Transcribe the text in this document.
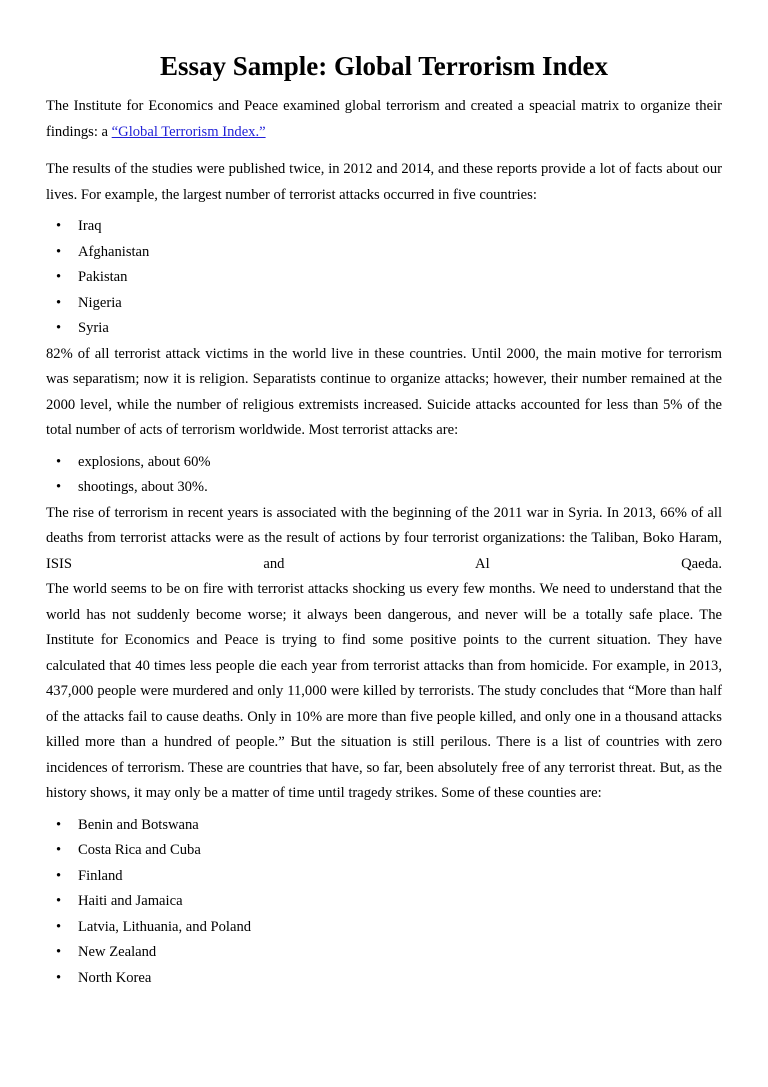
Essay Sample: Global Terrorism Index

The Institute for Economics and Peace examined global terrorism and created a speacial matrix to organize their findings: a “Global Terrorism Index.”

The results of the studies were published twice, in 2012 and 2014, and these reports provide a lot of facts about our lives. For example, the largest number of terrorist attacks occurred in five countries:

• Iraq
• Afghanistan
• Pakistan
• Nigeria
• Syria

82% of all terrorist attack victims in the world live in these countries. Until 2000, the main motive for terrorism was separatism; now it is religion. Separatists continue to organize attacks; however, their number remained at the 2000 level, while the number of religious extremists increased. Suicide attacks accounted for less than 5% of the total number of acts of terrorism worldwide. Most terrorist attacks are:

• explosions, about 60%
• shootings, about 30%.

The rise of terrorism in recent years is associated with the beginning of the 2011 war in Syria. In 2013, 66% of all deaths from terrorist attacks were as the result of actions by four terrorist organizations: the Taliban, Boko Haram, ISIS and Al Qaeda.

The world seems to be on fire with terrorist attacks shocking us every few months. We need to understand that the world has not suddenly become worse; it always been dangerous, and never will be a totally safe place. The Institute for Economics and Peace is trying to find some positive points to the current situation. They have calculated that 40 times less people die each year from terrorist attacks than from homicide. For example, in 2013, 437,000 people were murdered and only 11,000 were killed by terrorists. The study concludes that “More than half of the attacks fail to cause deaths. Only in 10% are more than five people killed, and only one in a thousand attacks killed more than a hundred of people.” But the situation is still perilous. There is a list of countries with zero incidences of terrorism. These are countries that have, so far, been absolutely free of any terrorist threat. But, as the history shows, it may only be a matter of time until tragedy strikes. Some of these counties are:

• Benin and Botswana
• Costa Rica and Cuba
• Finland
• Haiti and Jamaica
• Latvia, Lithuania, and Poland
• New Zealand
• North Korea
